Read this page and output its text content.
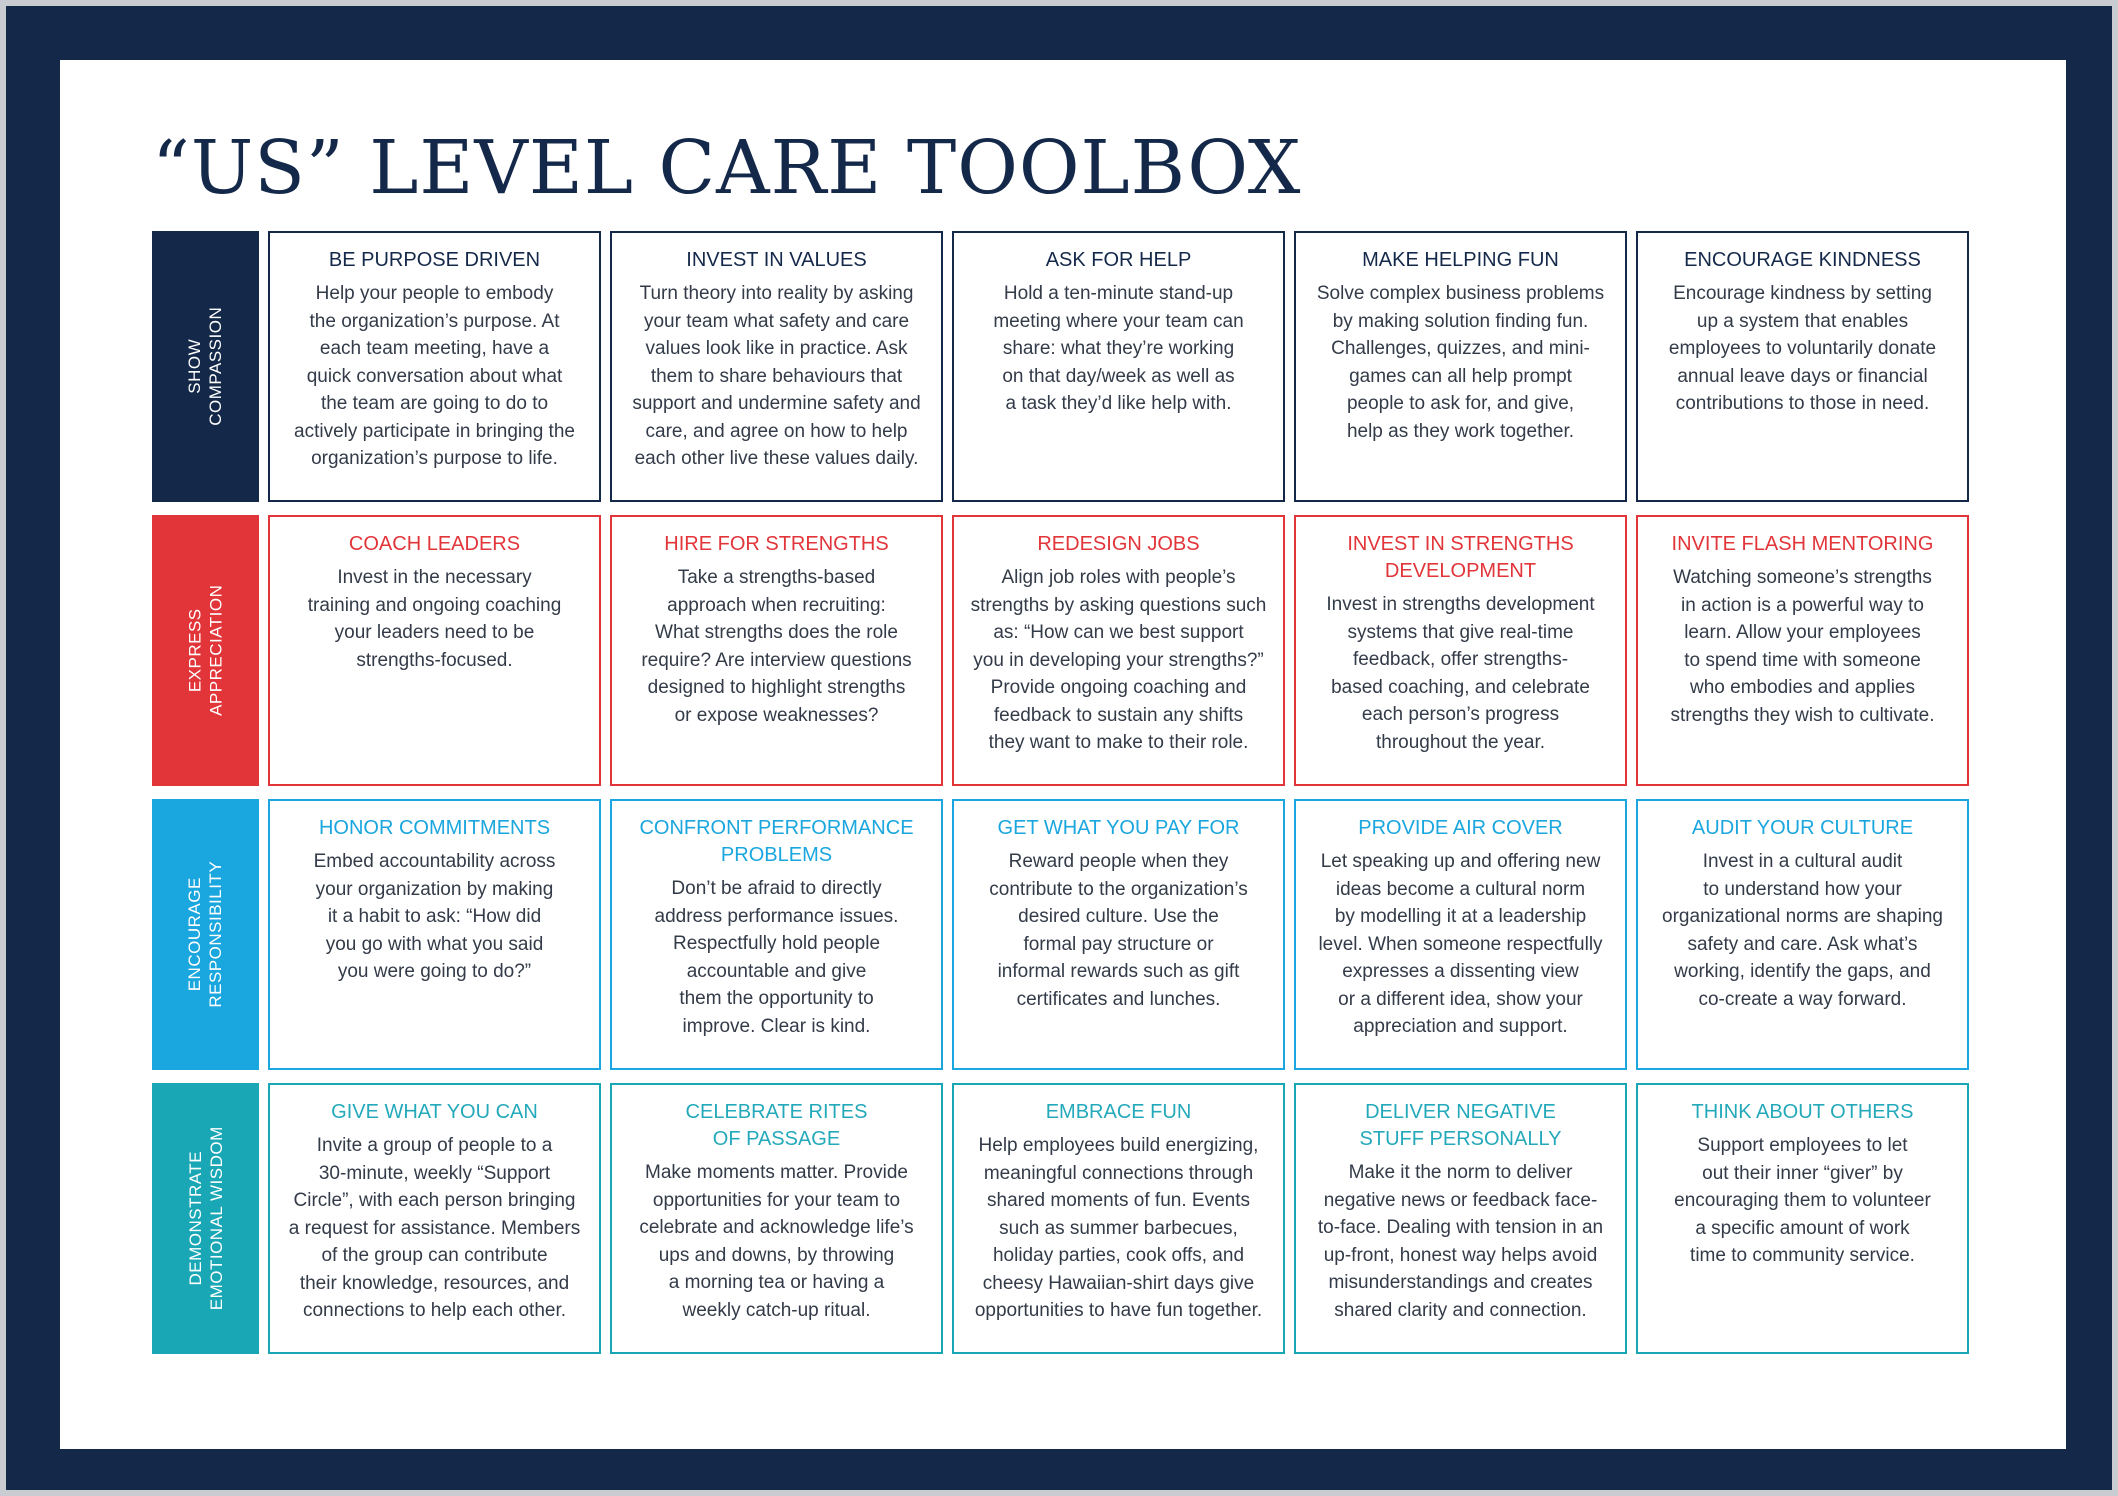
“US” LEVEL CARE TOOLBOX
SHOW COMPASSION
BE PURPOSE DRIVEN

Help your people to embody
the organization’s purpose. At
each team meeting, have a
quick conversation about what
the team are going to do to
actively participate in bringing the
organization’s purpose to life.

INVEST IN VALUES

Turn theory into reality by asking
your team what safety and care
values look like in practice. Ask
them to share behaviours that
support and undermine safety and
care, and agree on how to help
each other live these values daily.

ASK FOR HELP

Hold a ten-minute stand-up
meeting where your team can
share: what they’re working
on that day/week as well as
a task they’d like help with.

MAKE HELPING FUN

Solve complex business problems
by making solution finding fun.
Challenges, quizzes, and mini-
games can all help prompt
people to ask for, and give,
help as they work together.

ENCOURAGE KINDNESS

Encourage kindness by setting
up a system that enables
employees to voluntarily donate
annual leave days or financial
contributions to those in need.

EXPRESS APPRECIATION
COACH LEADERS

Invest in the necessary
training and ongoing coaching
your leaders need to be
strengths-focused.

HIRE FOR STRENGTHS

Take a strengths-based
approach when recruiting:
What strengths does the role
require? Are interview questions
designed to highlight strengths
or expose weaknesses?

REDESIGN JOBS

Align job roles with people’s
strengths by asking questions such
as: “How can we best support
you in developing your strengths?”
Provide ongoing coaching and
feedback to sustain any shifts
they want to make to their role.

INVEST IN STRENGTHS
DEVELOPMENT

Invest in strengths development
systems that give real-time
feedback, offer strengths-
based coaching, and celebrate
each person’s progress
throughout the year.

INVITE FLASH MENTORING

Watching someone’s strengths
in action is a powerful way to
learn. Allow your employees
to spend time with someone
who embodies and applies
strengths they wish to cultivate.

ENCOURAGE RESPONSIBILITY
HONOR COMMITMENTS

Embed accountability across
your organization by making
it a habit to ask: “How did
you go with what you said
you were going to do?”

CONFRONT PERFORMANCE
PROBLEMS

Don’t be afraid to directly
address performance issues.
Respectfully hold people
accountable and give
them the opportunity to
improve. Clear is kind.

GET WHAT YOU PAY FOR

Reward people when they
contribute to the organization’s
desired culture. Use the
formal pay structure or
informal rewards such as gift
certificates and lunches.

PROVIDE AIR COVER

Let speaking up and offering new
ideas become a cultural norm
by modelling it at a leadership
level. When someone respectfully
expresses a dissenting view
or a different idea, show your
appreciation and support.

AUDIT YOUR CULTURE

Invest in a cultural audit
to understand how your
organizational norms are shaping
safety and care. Ask what’s
working, identify the gaps, and
co-create a way forward.

DEMONSTRATE EMOTIONAL WISDOM
GIVE WHAT YOU CAN

Invite a group of people to a
30-minute, weekly “Support
Circle”, with each person bringing
a request for assistance. Members
of the group can contribute
their knowledge, resources, and
connections to help each other.

CELEBRATE RITES
OF PASSAGE

Make moments matter. Provide
opportunities for your team to
celebrate and acknowledge life’s
ups and downs, by throwing
a morning tea or having a
weekly catch-up ritual.

EMBRACE FUN

Help employees build energizing,
meaningful connections through
shared moments of fun. Events
such as summer barbecues,
holiday parties, cook offs, and
cheesy Hawaiian-shirt days give
opportunities to have fun together.

DELIVER NEGATIVE
STUFF PERSONALLY

Make it the norm to deliver
negative news or feedback face-
to-face. Dealing with tension in an
up-front, honest way helps avoid
misunderstandings and creates
shared clarity and connection.

THINK ABOUT OTHERS

Support employees to let
out their inner “giver” by
encouraging them to volunteer
a specific amount of work
time to community service.
